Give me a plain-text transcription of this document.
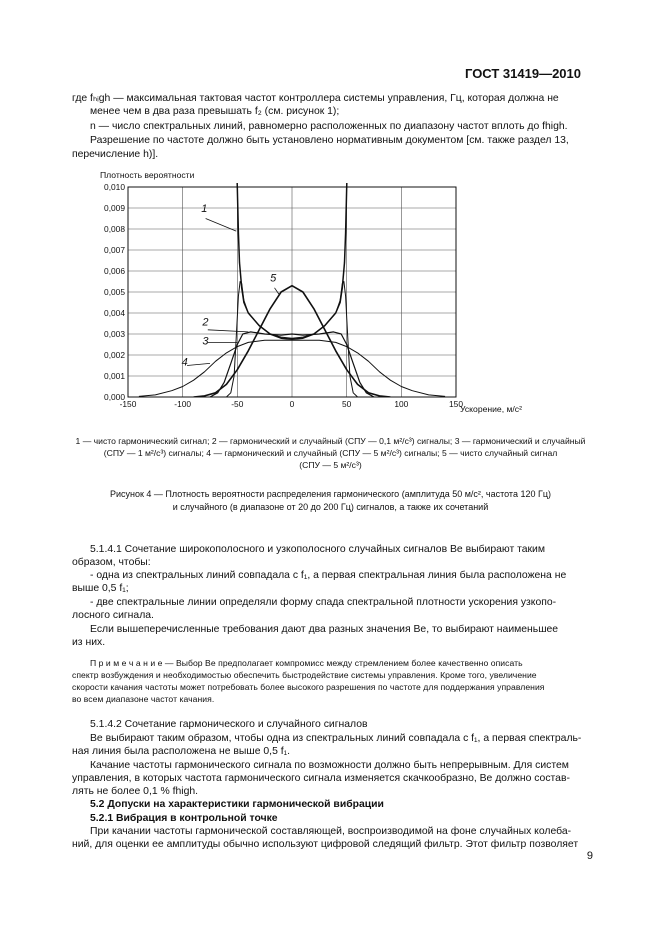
ГОСТ 31419—2010
где fₕᵢgh — максимальная тактовая частот контроллера системы управления, Гц, которая должна не
менее чем в два раза превышать f₂ (см. рисунок 1);
n — число спектральных линий, равномерно расположенных по диапазону частот вплоть до fhigh.
Разрешение по частоте должно быть установлено нормативным документом [см. также раздел 13,
перечисление h)].
0,000
0,001
0,002
0,003
0,004
0,005
0,006
0,007
0,008
0,009
0,010
-150	-100	-50	0	50	100	150
1
2
3
4
5
Плотность вероятности
Ускорение, м/с²
1 — чисто гармонический сигнал; 2 — гармонический и случайный (СПУ — 0,1 м²/с³) сигналы; 3 — гармонический и случайный
(СПУ — 1 м²/с³) сигналы; 4 — гармонический и случайный (СПУ — 5 м²/с³) сигналы; 5 — чисто случайный сигнал
(СПУ — 5 м²/с³)
Рисунок 4 — Плотность вероятности распределения гармонического (амплитуда 50 м/с², частота 120 Гц)
и случайного (в диапазоне от 20 до 200 Гц) сигналов, а также их сочетаний
5.1.4.1 Сочетание широкополосного и узкополосного случайных сигналов Be выбирают таким
образом, чтобы:
- одна из спектральных линий совпадала с f₁, а первая спектральная линия была расположена не
выше 0,5 f₁;
- две спектральные линии определяли форму спада спектральной плотности ускорения узкопо-
лосного сигнала.
Если вышеперечисленные требования дают два разных значения Be, то выбирают наименьшее
из них.
П р и м е ч а н и е — Выбор Be предполагает компромисс между стремлением более качественно описать
спектр возбуждения и необходимостью обеспечить быстродействие системы управления. Кроме того, увеличение
скорости качания частоты может потребовать более высокого разрешения по частоте для поддержания управления
во всем диапазоне частот качания.
5.1.4.2 Сочетание гармонического и случайного сигналов
Be выбирают таким образом, чтобы одна из спектральных линий совпадала с f₁, а первая спектраль-
ная линия была расположена не выше 0,5 f₁.
Качание частоты гармонического сигнала по возможности должно быть непрерывным. Для систем
управления, в которых частота гармонического сигнала изменяется скачкообразно, Be должно состав-
лять не более 0,1 % fhigh.
5.2 Допуски на характеристики гармонической вибрации
5.2.1 Вибрация в контрольной точке
При качании частоты гармонической составляющей, воспроизводимой на фоне случайных колеба-
ний, для оценки ее амплитуды обычно используют цифровой следящий фильтр. Этот фильтр позволяет
9
